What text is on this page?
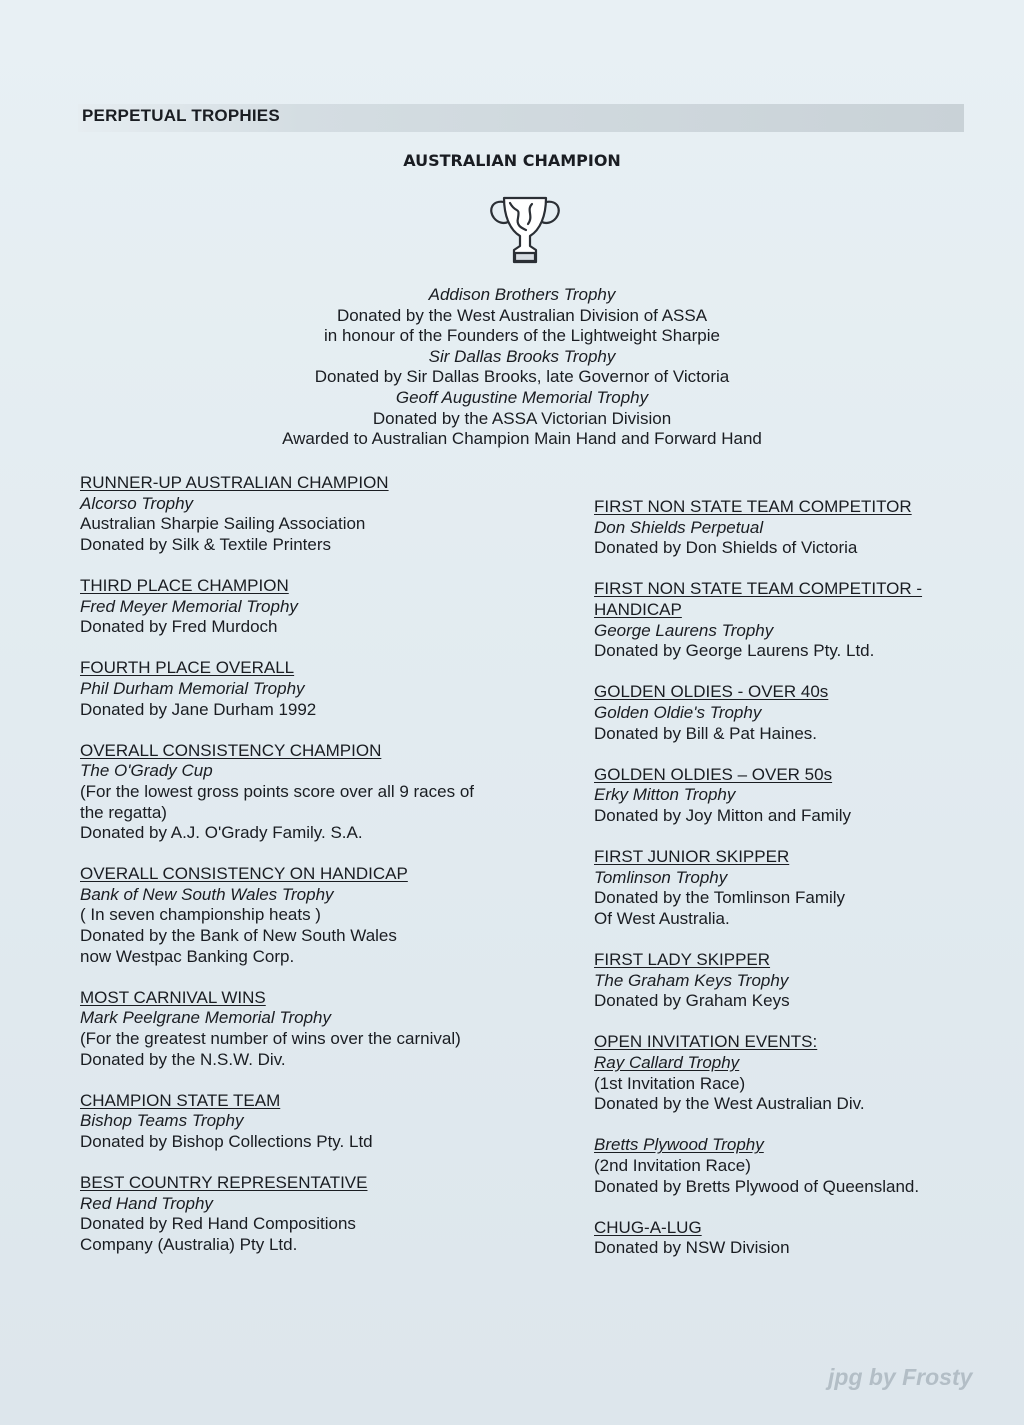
PERPETUAL TROPHIES
AUSTRALIAN CHAMPION
Addison Brothers Trophy
Donated by the West Australian Division of ASSA
in honour of the Founders of the Lightweight Sharpie
Sir Dallas Brooks Trophy
Donated by Sir Dallas Brooks, late Governor of Victoria
Geoff Augustine Memorial Trophy
Donated by the ASSA Victorian Division
Awarded to Australian Champion Main Hand and Forward Hand
RUNNER-UP AUSTRALIAN CHAMPION
Alcorso Trophy
Australian Sharpie Sailing Association
Donated by Silk & Textile Printers
THIRD PLACE CHAMPION
Fred Meyer Memorial Trophy
Donated by Fred Murdoch
FOURTH PLACE OVERALL
Phil Durham Memorial Trophy
Donated by Jane Durham 1992
OVERALL CONSISTENCY CHAMPION
The O'Grady Cup
(For the lowest gross points score over all 9 races of
the regatta)
Donated by A.J. O'Grady Family. S.A.
OVERALL CONSISTENCY ON HANDICAP
Bank of New South Wales Trophy
( In seven championship heats )
Donated by the Bank of New South Wales
now Westpac Banking Corp.
MOST CARNIVAL WINS
Mark Peelgrane Memorial Trophy
(For the greatest number of wins over the carnival)
Donated by the N.S.W. Div.
CHAMPION STATE TEAM
Bishop Teams Trophy
Donated by Bishop Collections Pty. Ltd
BEST COUNTRY REPRESENTATIVE
Red Hand Trophy
Donated by Red Hand Compositions
Company (Australia) Pty Ltd.
FIRST NON STATE TEAM COMPETITOR
Don Shields Perpetual
Donated by Don Shields of Victoria
FIRST NON STATE TEAM COMPETITOR -
HANDICAP
George Laurens Trophy
Donated by George Laurens Pty. Ltd.
GOLDEN OLDIES - OVER 40s
Golden Oldie's Trophy
Donated by Bill & Pat Haines.
GOLDEN OLDIES – OVER 50s
Erky Mitton Trophy
Donated by Joy Mitton and Family
FIRST JUNIOR SKIPPER
Tomlinson Trophy
Donated by the Tomlinson Family
Of West Australia.
FIRST LADY SKIPPER
The Graham Keys Trophy
Donated by Graham Keys
OPEN INVITATION EVENTS:
Ray Callard Trophy
(1st Invitation Race)
Donated by the West Australian Div.
Bretts Plywood Trophy
(2nd Invitation Race)
Donated by Bretts Plywood of Queensland.
CHUG-A-LUG
Donated by NSW Division
jpg by Frosty
